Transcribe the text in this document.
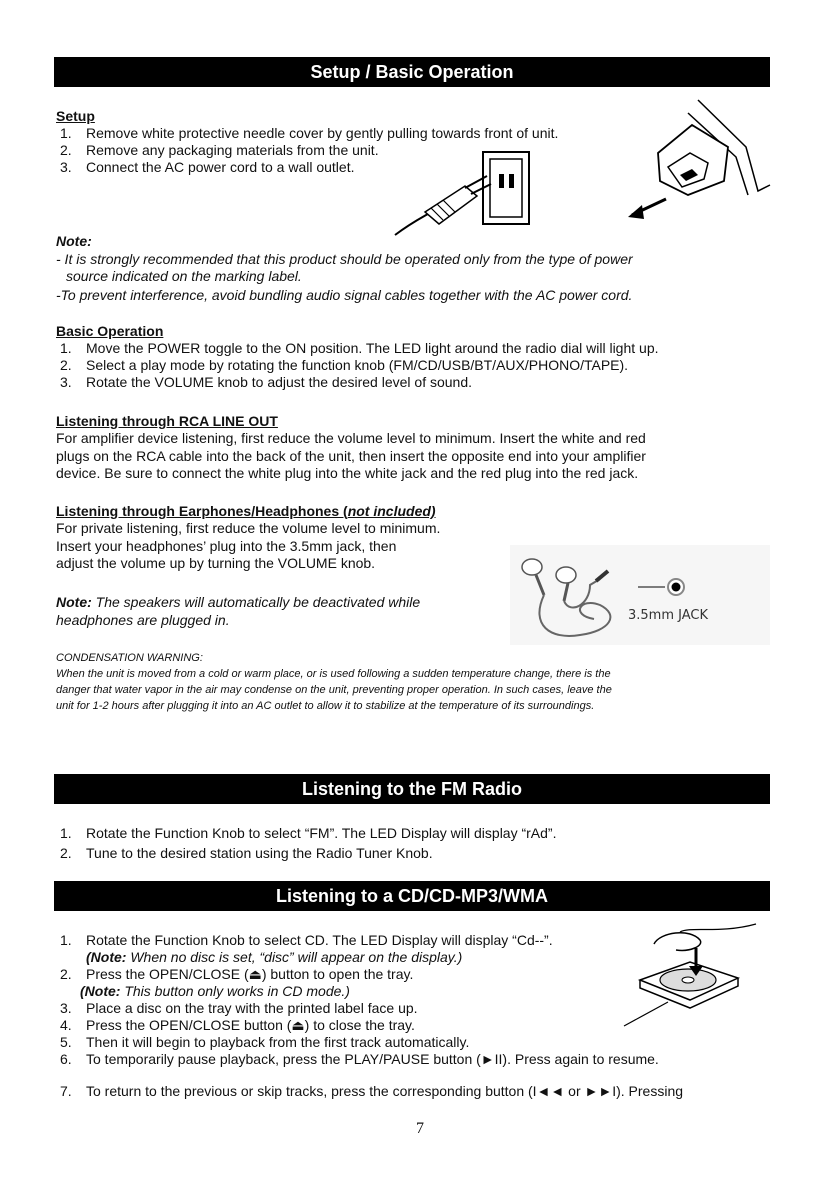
Setup / Basic Operation
Setup
1. Remove white protective needle cover by gently pulling towards front of unit.
2. Remove any packaging materials from the unit.
3. Connect the AC power cord to a wall outlet.
Note:
- It is strongly recommended that this product should be operated only from the type of power
source indicated on the marking label.
-To prevent interference, avoid bundling audio signal cables together with the AC power cord.
Basic Operation
1. Move the POWER toggle to the ON position. The LED light around the radio dial will light up.
2. Select a play mode by rotating the function knob (FM/CD/USB/BT/AUX/PHONO/TAPE).
3. Rotate the VOLUME knob to adjust the desired level of sound.
Listening through RCA LINE OUT
For amplifier device listening, first reduce the volume level to minimum. Insert the white and red
plugs on the RCA cable into the back of the unit, then insert the opposite end into your amplifier
device. Be sure to connect the white plug into the white jack and the red plug into the red jack.
Listening through Earphones/Headphones (not included)
For private listening, first reduce the volume level to minimum.
Insert your headphones’ plug into the 3.5mm jack, then
adjust the volume up by turning the VOLUME knob.
Note: The speakers will automatically be deactivated while
headphones are plugged in.	3.5mm JACK
CONDENSATION WARNING:
When the unit is moved from a cold or warm place, or is used following a sudden temperature change, there is the
danger that water vapor in the air may condense on the unit, preventing proper operation. In such cases, leave the
unit for 1-2 hours after plugging it into an AC outlet to allow it to stabilize at the temperature of its surroundings.
Listening to the FM Radio
1. Rotate the Function Knob to select “FM”. The LED Display will display “rAd”.
2. Tune to the desired station using the Radio Tuner Knob.
Listening to a CD/CD-MP3/WMA
1. Rotate the Function Knob to select CD. The LED Display will display “Cd--”.
(Note: When no disc is set, “disc” will appear on the display.)
2. Press the OPEN/CLOSE (⏏) button to open the tray.
(Note: This button only works in CD mode.)
3. Place a disc on the tray with the printed label face up.
4. Press the OPEN/CLOSE button (⏏) to close the tray.
5. Then it will begin to playback from the first track automatically.
6. To temporarily pause playback, press the PLAY/PAUSE button (►II). Press again to resume.
7. To return to the previous or skip tracks, press the corresponding button (I◄◄ or ►►I). Pressing
7
